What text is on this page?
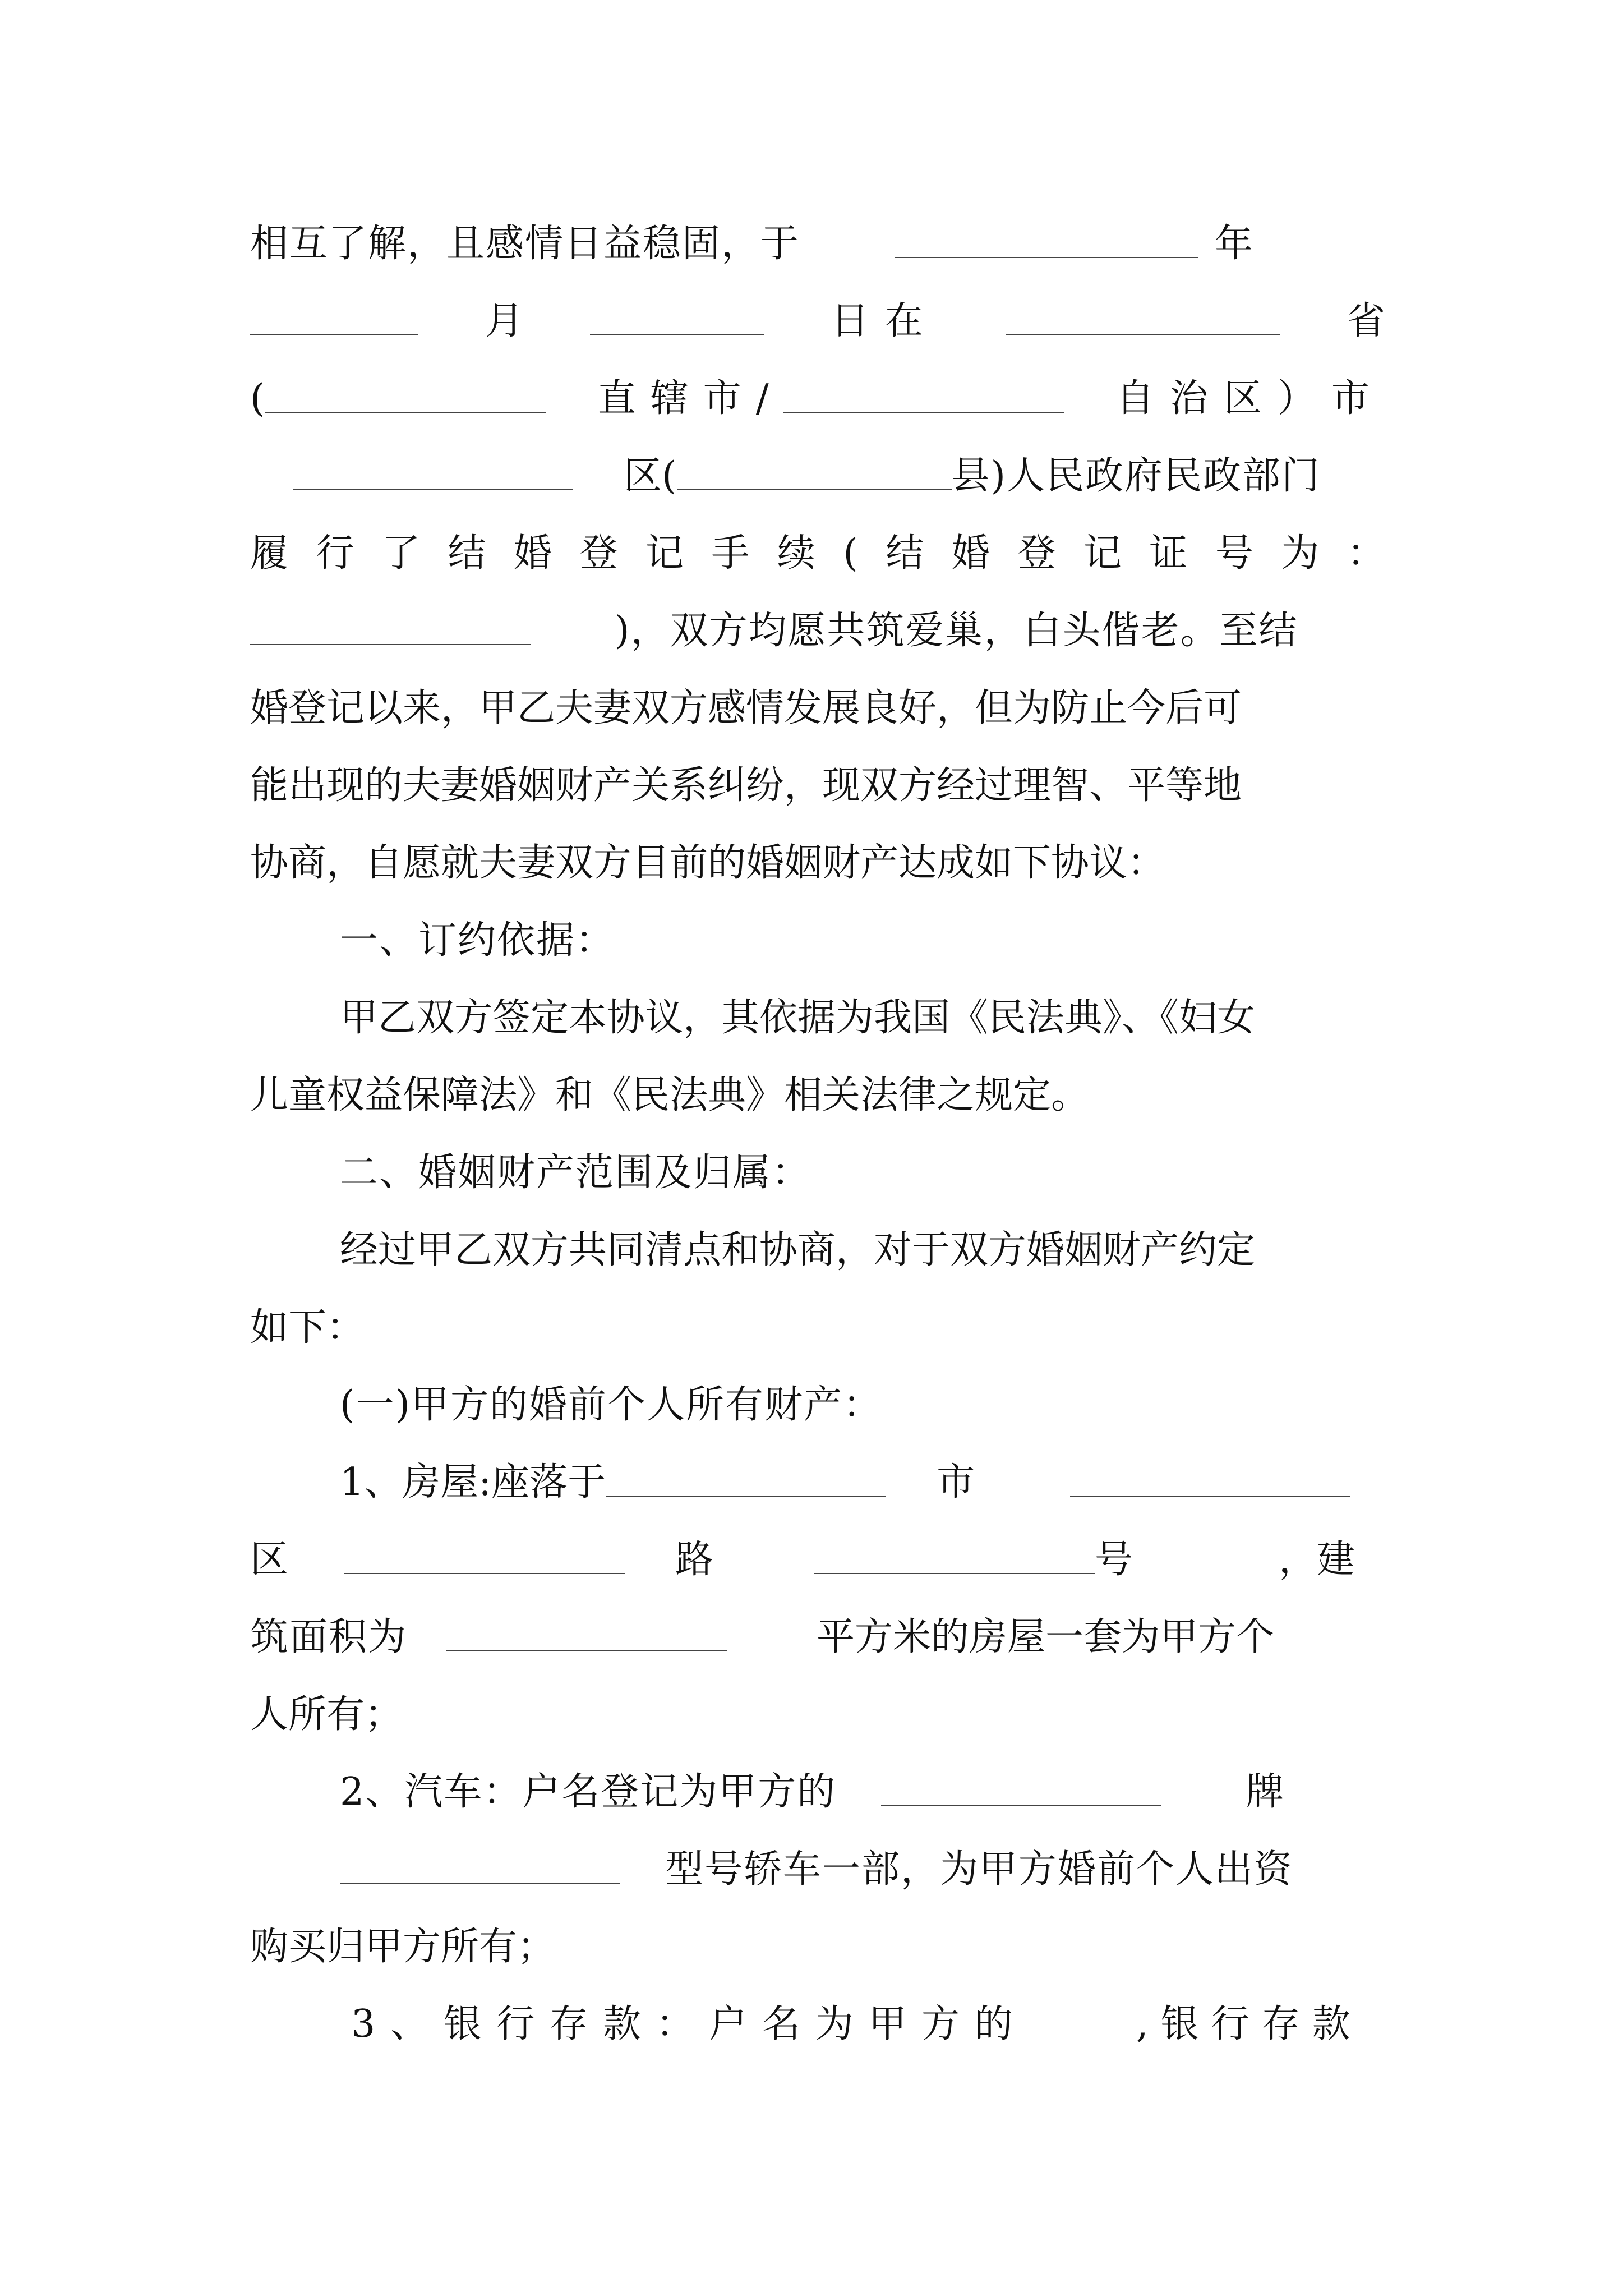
相互了解，且感情日益稳固，于	年
月	日在	省
(	直辖市/	自治区）市
区(	县)人民政府民政部门
履 行 了 结 婚 登 记 手 续 ( 结 婚 登 记 证 号 为 ：
)，双方均愿共筑爱巢，白头偕老。至结
婚登记以来，甲乙夫妻双方感情发展良好，但为防止今后可
能出现的夫妻婚姻财产关系纠纷，现双方经过理智、平等地
协商，自愿就夫妻双方目前的婚姻财产达成如下协议：
一、订约依据：
甲乙双方签定本协议，其依据为我国《民法典》、《妇女
儿童权益保障法》和《民法典》相关法律之规定。
二、婚姻财产范围及归属：
经过甲乙双方共同清点和协商，对于双方婚姻财产约定
如下：
(一)甲方的婚前个人所有财产：
1、房屋:座落于	市
区	路	号	，建
筑面积为	平方米的房屋一套为甲方个
人所有；
2、汽车：户名登记为甲方的	牌
型号轿车一部，为甲方婚前个人出资
购买归甲方所有；
3 、 银 行 存 款 ： 户 名 为 甲 方 的	,银行存款
